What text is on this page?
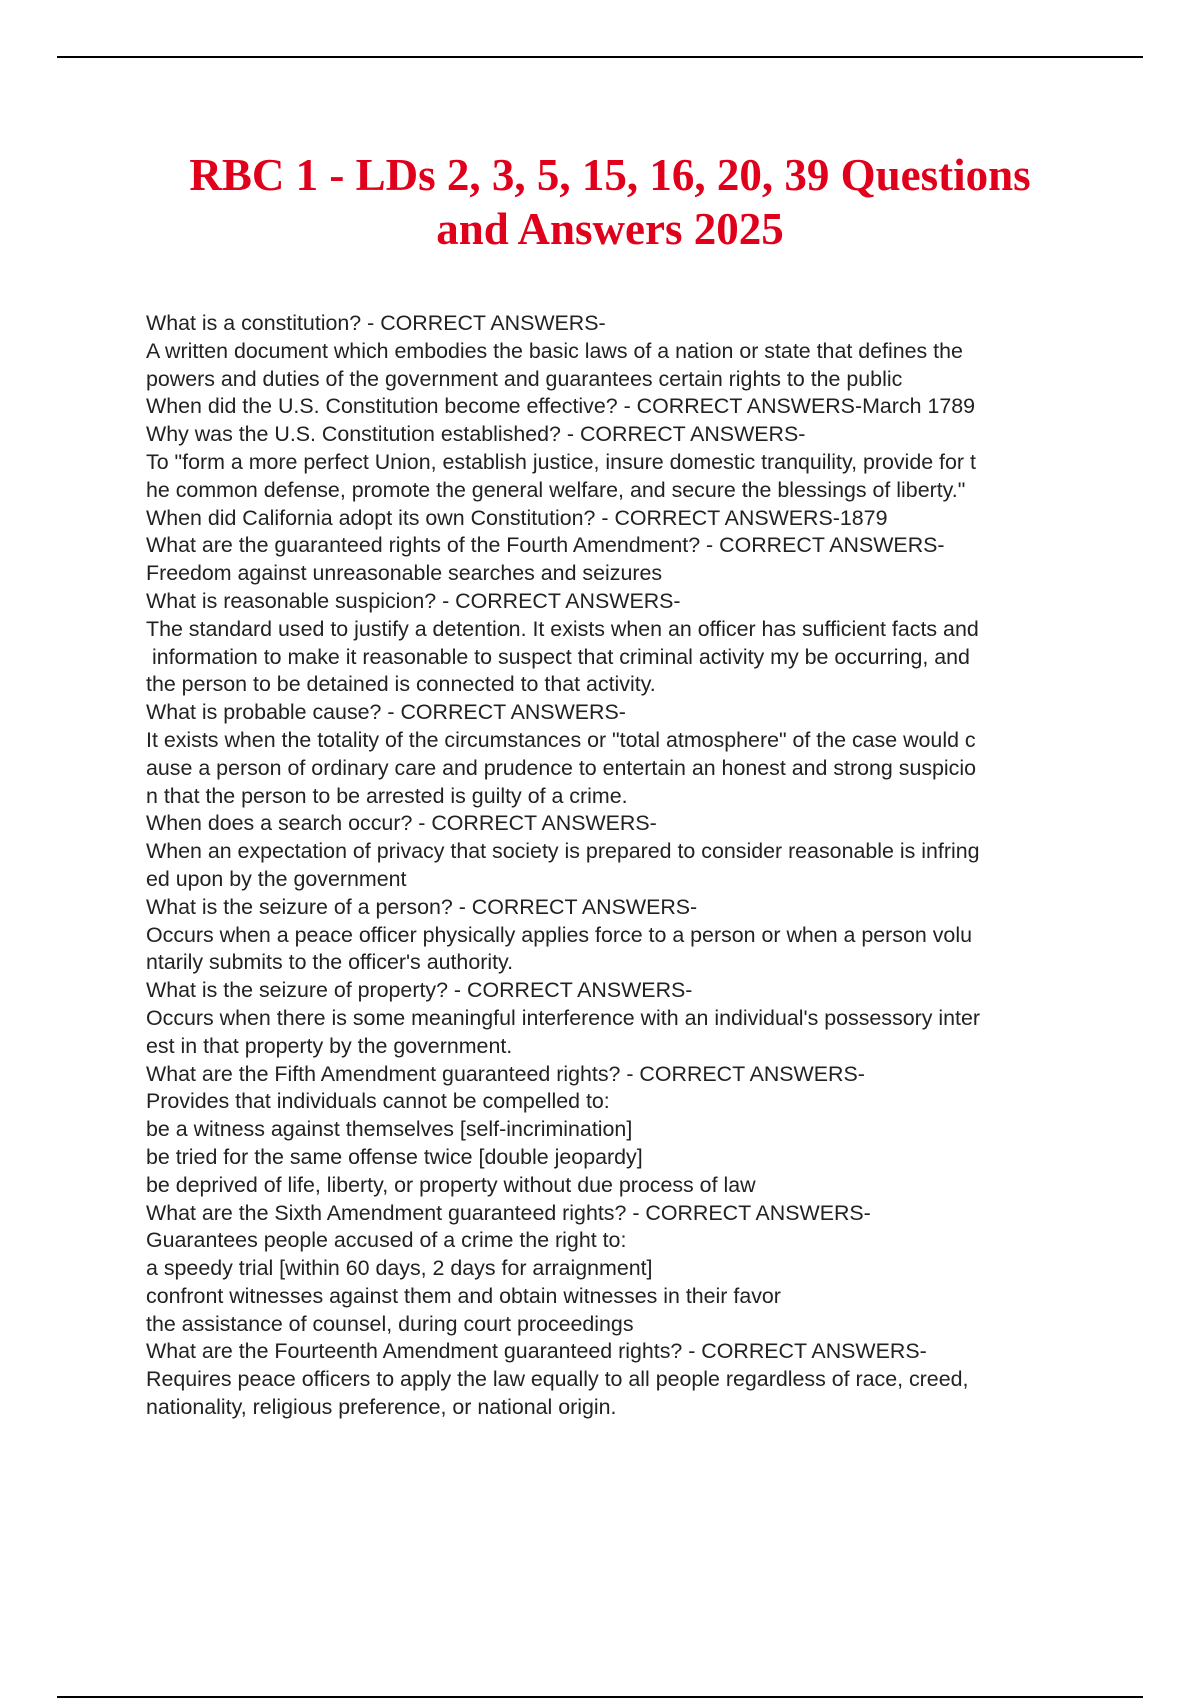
RBC 1 - LDs 2, 3, 5, 15, 16, 20, 39 Questions
and Answers 2025
What is a constitution? - CORRECT ANSWERS-
A written document which embodies the basic laws of a nation or state that defines the
powers and duties of the government and guarantees certain rights to the public
When did the U.S. Constitution become effective? - CORRECT ANSWERS-March 1789
Why was the U.S. Constitution established? - CORRECT ANSWERS-
To "form a more perfect Union, establish justice, insure domestic tranquility, provide for t
he common defense, promote the general welfare, and secure the blessings of liberty."
When did California adopt its own Constitution? - CORRECT ANSWERS-1879
What are the guaranteed rights of the Fourth Amendment? - CORRECT ANSWERS-
Freedom against unreasonable searches and seizures
What is reasonable suspicion? - CORRECT ANSWERS-
The standard used to justify a detention. It exists when an officer has sufficient facts and
information to make it reasonable to suspect that criminal activity my be occurring, and
the person to be detained is connected to that activity.
What is probable cause? - CORRECT ANSWERS-
It exists when the totality of the circumstances or "total atmosphere" of the case would c
ause a person of ordinary care and prudence to entertain an honest and strong suspicio
n that the person to be arrested is guilty of a crime.
When does a search occur? - CORRECT ANSWERS-
When an expectation of privacy that society is prepared to consider reasonable is infring
ed upon by the government
What is the seizure of a person? - CORRECT ANSWERS-
Occurs when a peace officer physically applies force to a person or when a person volu
ntarily submits to the officer's authority.
What is the seizure of property? - CORRECT ANSWERS-
Occurs when there is some meaningful interference with an individual's possessory inter
est in that property by the government.
What are the Fifth Amendment guaranteed rights? - CORRECT ANSWERS-
Provides that individuals cannot be compelled to:
be a witness against themselves [self-incrimination]
be tried for the same offense twice [double jeopardy]
be deprived of life, liberty, or property without due process of law
What are the Sixth Amendment guaranteed rights? - CORRECT ANSWERS-
Guarantees people accused of a crime the right to:
a speedy trial [within 60 days, 2 days for arraignment]
confront witnesses against them and obtain witnesses in their favor
the assistance of counsel, during court proceedings
What are the Fourteenth Amendment guaranteed rights? - CORRECT ANSWERS-
Requires peace officers to apply the law equally to all people regardless of race, creed,
nationality, religious preference, or national origin.
